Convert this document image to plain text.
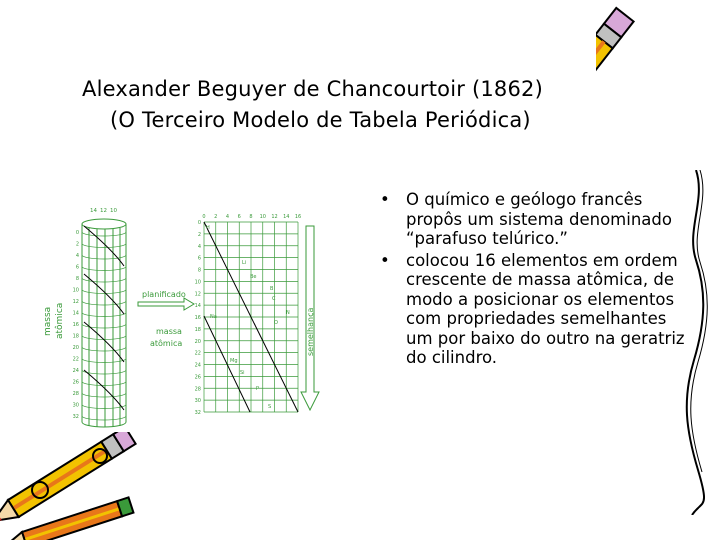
Alexander Beguyer de Chancourtoir (1862)
(O Terceiro Modelo de Tabela Periódica)
14 12 10
0
2
4
6
8
10
12
14
16
18
20
22
24
26
28
30
32
massa atômica
planificado
massa
atômica
0 2 4 6 8 10 12 14 16
0
2
4
6
8
10
12
14
16
18
20
22
24
26
28
30
32
H
Li
Be
B
C
N
O
Na
Mg
Si
P
S
semelhança
• O químico e geólogo francês propôs um sistema denominado “parafuso telúrico.”
• colocou 16 elementos em ordem crescente de massa atômica, de modo a posicionar os elementos com propriedades semelhantes um por baixo do outro na geratriz do cilindro.
